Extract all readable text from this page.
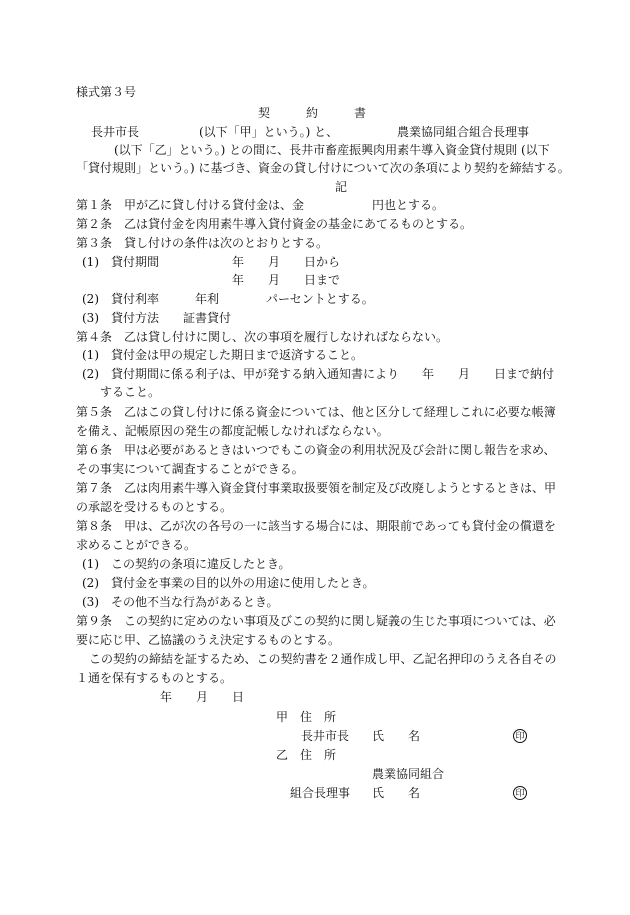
様式第３号
契　　　約　　　書
長井市長	(以下「甲」という。) と、	農業協同組合組合長理事
(以下「乙」という。) との間に、長井市畜産振興肉用素牛導入資金貸付規則 (以下
「貸付規則」という。) に基づき、資金の貸し付けについて次の条項により契約を締結する。
記
第１条　甲が乙に貸し付ける貸付金は、金	円也とする。
第２条　乙は貸付金を肉用素牛導入貸付資金の基金にあてるものとする。
第３条　貸し付けの条件は次のとおりとする。
(1)　貸付期間	年　　月　　日から
年　　月　　日まで
(2)　貸付利率	年利	パーセントとする。
(3)　貸付方法　　証書貸付
第４条　乙は貸し付けに関し、次の事項を履行しなければならない。
(1)　貸付金は甲の規定した期日まで返済すること。
(2)　貸付期間に係る利子は、甲が発する納入通知書により 年　　月　　日まで納付
すること。
第５条　乙はこの貸し付けに係る資金については、他と区分して経理しこれに必要な帳簿
を備え、記帳原因の発生の都度記帳しなければならない。
第６条　甲は必要があるときはいつでもこの資金の利用状況及び会計に関し報告を求め、
その事実について調査することができる。
第７条　乙は肉用素牛導入資金貸付事業取扱要領を制定及び改廃しようとするときは、甲
の承認を受けるものとする。
第８条　甲は、乙が次の各号の一に該当する場合には、期限前であっても貸付金の償還を
求めることができる。
(1)　この契約の条項に違反したとき。
(2)　貸付金を事業の目的以外の用途に使用したとき。
(3)　その他不当な行為があるとき。
第９条　この契約に定めのない事項及びこの契約に関し疑義の生じた事項については、必
要に応じ甲、乙協議のうえ決定するものとする。
この契約の締結を証するため、この契約書を２通作成し甲、乙記名押印のうえ各自その
１通を保有するものとする。
年　　月　　日
甲　住　所
長井市長 氏　　名	印
乙　住　所
農業協同組合
組合長理事 氏　　名	印
